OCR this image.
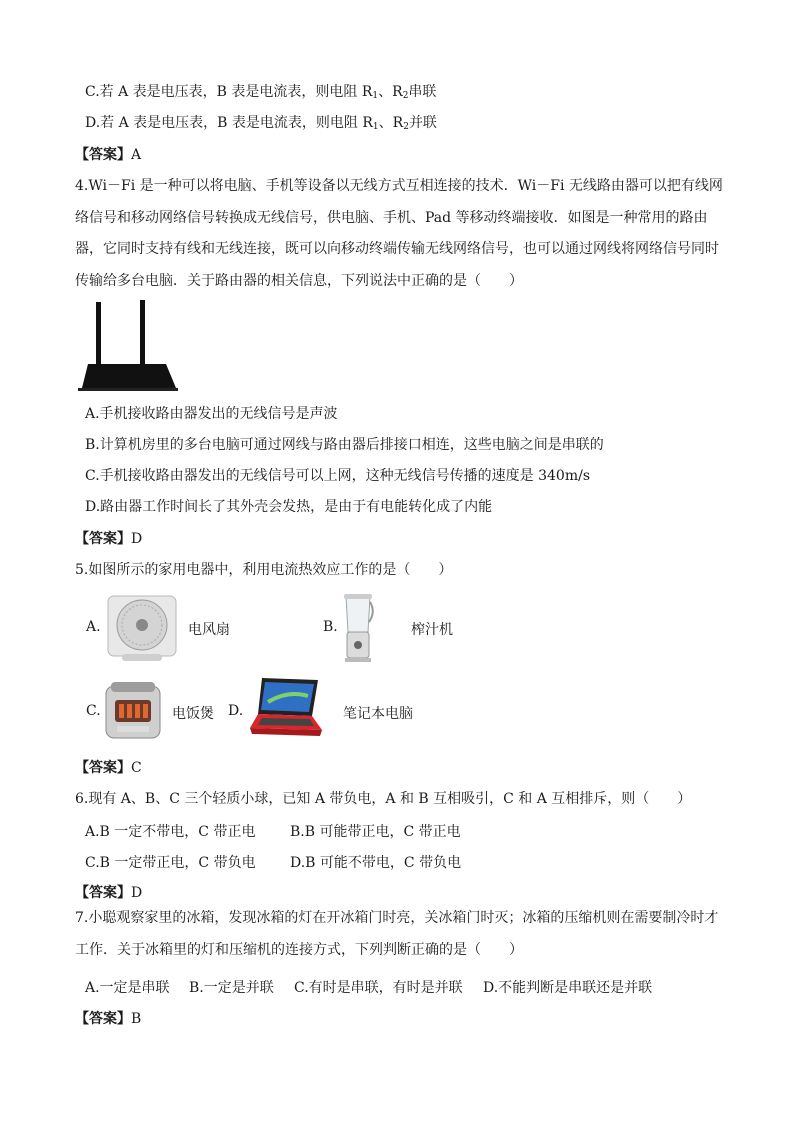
C.若 A 表是电压表，B 表是电流表，则电阻 $R_1$、$R_2$串联
D.若 A 表是电压表，B 表是电流表，则电阻 $R_1$、$R_2$并联
【答案】A
4.Wi－Fi 是一种可以将电脑、手机等设备以无线方式互相连接的技术．Wi－Fi 无线路由器可以把有线网络信号和移动网络信号转换成无线信号，供电脑、手机、Pad 等移动终端接收．如图是一种常用的路由器，它同时支持有线和无线连接，既可以向移动终端传输无线网络信号，也可以通过网线将网络信号同时传输给多台电脑．关于路由器的相关信息，下列说法中正确的是（　　）
A.手机接收路由器发出的无线信号是声波
B.计算机房里的多台电脑可通过网线与路由器后排接口相连，这些电脑之间是串联的
C.手机接收路由器发出的无线信号可以上网，这种无线信号传播的速度是 340m/s
D.路由器工作时间长了其外壳会发热，是由于有电能转化成了内能
【答案】D
5.如图所示的家用电器中，利用电流热效应工作的是（　　）
A.	电风扇	B.	榨汁机
C.	电饭煲 D.	笔记本电脑
【答案】C
6.现有 A、B、C 三个轻质小球，已知 A 带负电，A 和 B 互相吸引，C 和 A 互相排斥，则（　　）
A.B 一定不带电，C 带正电 B.B 可能带正电，C 带正电
C.B 一定带正电，C 带负电 D.B 可能不带电，C 带负电
【答案】D
7.小聪观察家里的冰箱，发现冰箱的灯在开冰箱门时亮，关冰箱门时灭；冰箱的压缩机则在需要制冷时才工作．关于冰箱里的灯和压缩机的连接方式，下列判断正确的是（　　）
A.一定是串联 B.一定是并联 C.有时是串联，有时是并联 D.不能判断是串联还是并联
【答案】B
